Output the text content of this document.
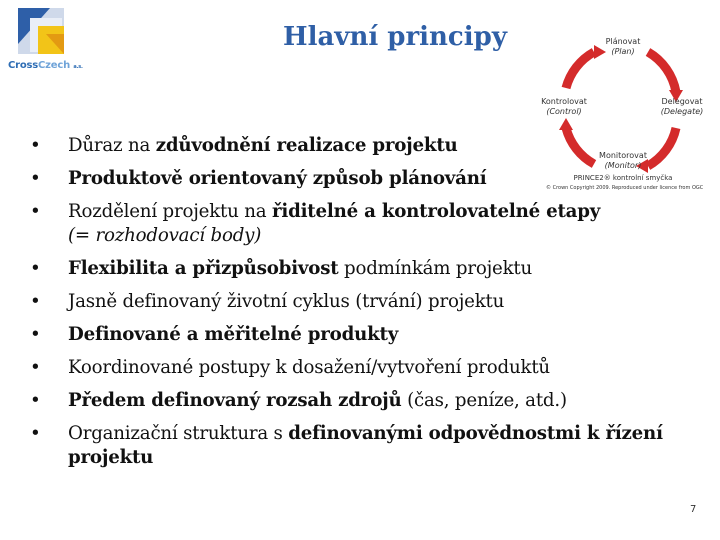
CrossCzech a.s.
Hlavní principy	Plánovat
(Plan)
Delegovat
(Delegate)
Monitorovat
(Monitor)
Kontrolovat
(Control)
PRINCE2® kontrolní smyčka
© Crown Copyright 2009. Reproduced under licence from OGC
• Důraz na zdůvodnění realizace projektu
• Produktově orientovaný způsob plánování
• Rozdělení projektu na řiditelné a kontrolovatelné etapy
(= rozhodovací body)
• Flexibilita a přizpůsobivost podmínkám projektu
• Jasně definovaný životní cyklus (trvání) projektu
• Definované a měřitelné produkty
• Koordinované postupy k dosažení/vytvoření produktů
• Předem definovaný rozsah zdrojů (čas, peníze, atd.)
• Organizační struktura s definovanými odpovědnostmi k řízení projektu
7
